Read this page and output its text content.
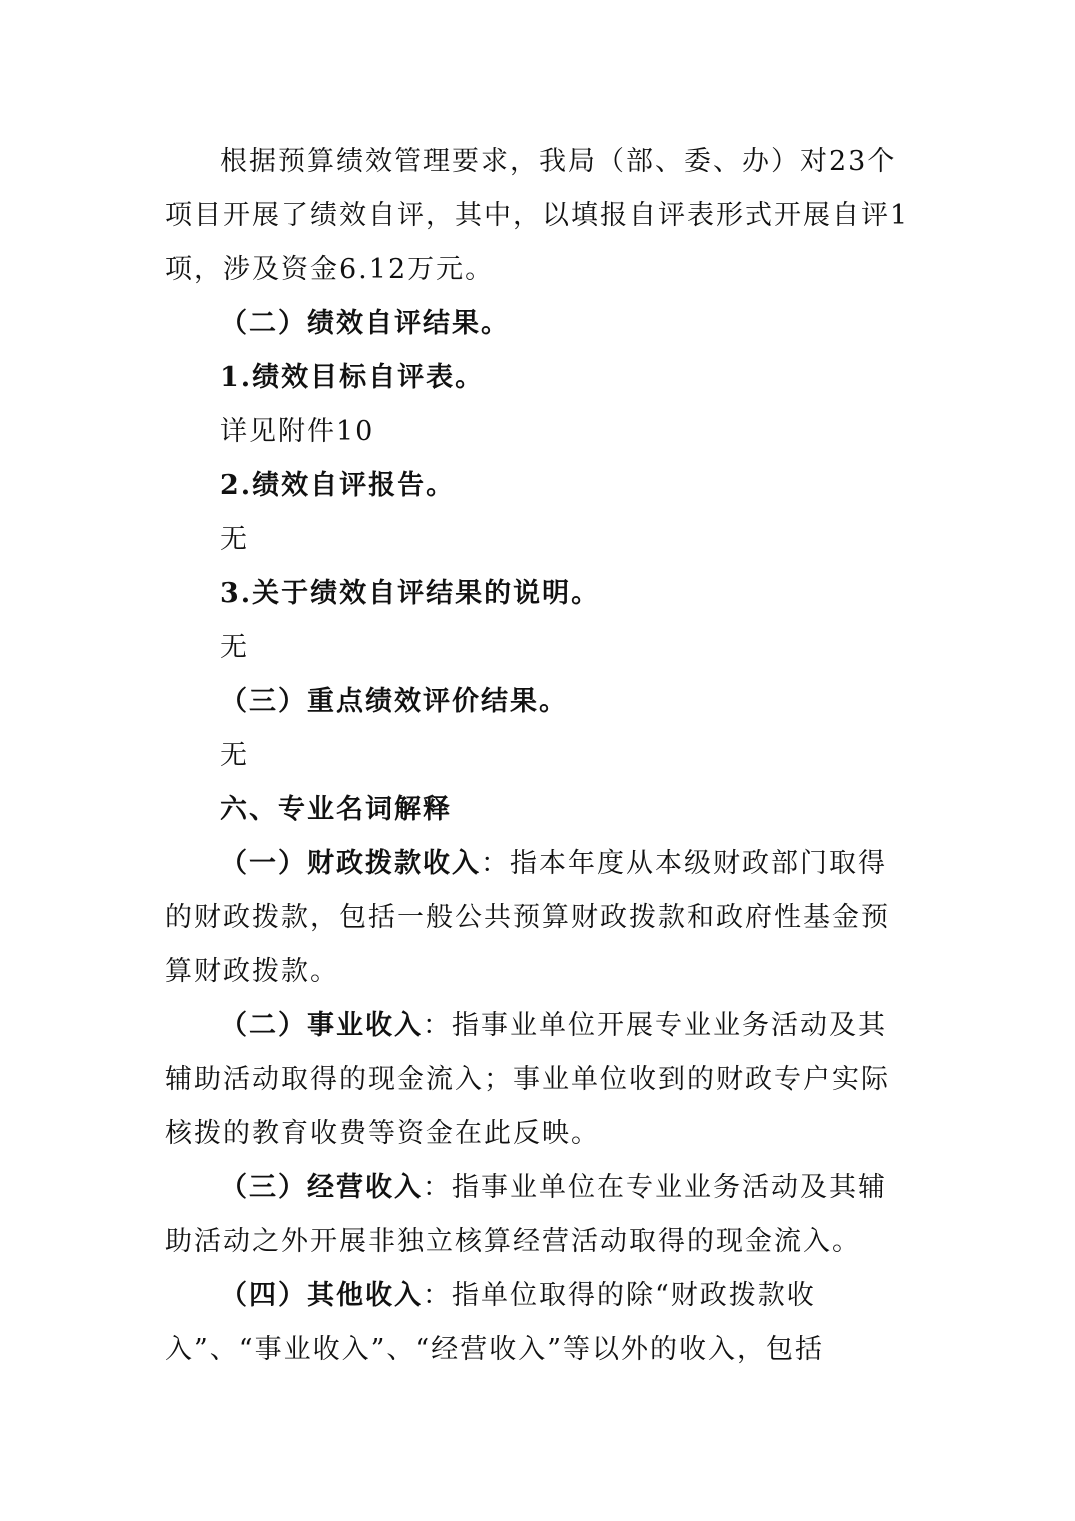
根据预算绩效管理要求，我局（部、委、办）对23个
项目开展了绩效自评，其中，以填报自评表形式开展自评1
项，涉及资金6.12万元。
（二）绩效自评结果。
1.绩效目标自评表。
详见附件10
2.绩效自评报告。
无
3.关于绩效自评结果的说明。
无
（三）重点绩效评价结果。
无
六、专业名词解释
（一）财政拨款收入：指本年度从本级财政部门取得
的财政拨款，包括一般公共预算财政拨款和政府性基金预
算财政拨款。
（二）事业收入：指事业单位开展专业业务活动及其
辅助活动取得的现金流入；事业单位收到的财政专户实际
核拨的教育收费等资金在此反映。
（三）经营收入：指事业单位在专业业务活动及其辅
助活动之外开展非独立核算经营活动取得的现金流入。
（四）其他收入：指单位取得的除“财政拨款收
入”、“事业收入”、“经营收入”等以外的收入，包括
